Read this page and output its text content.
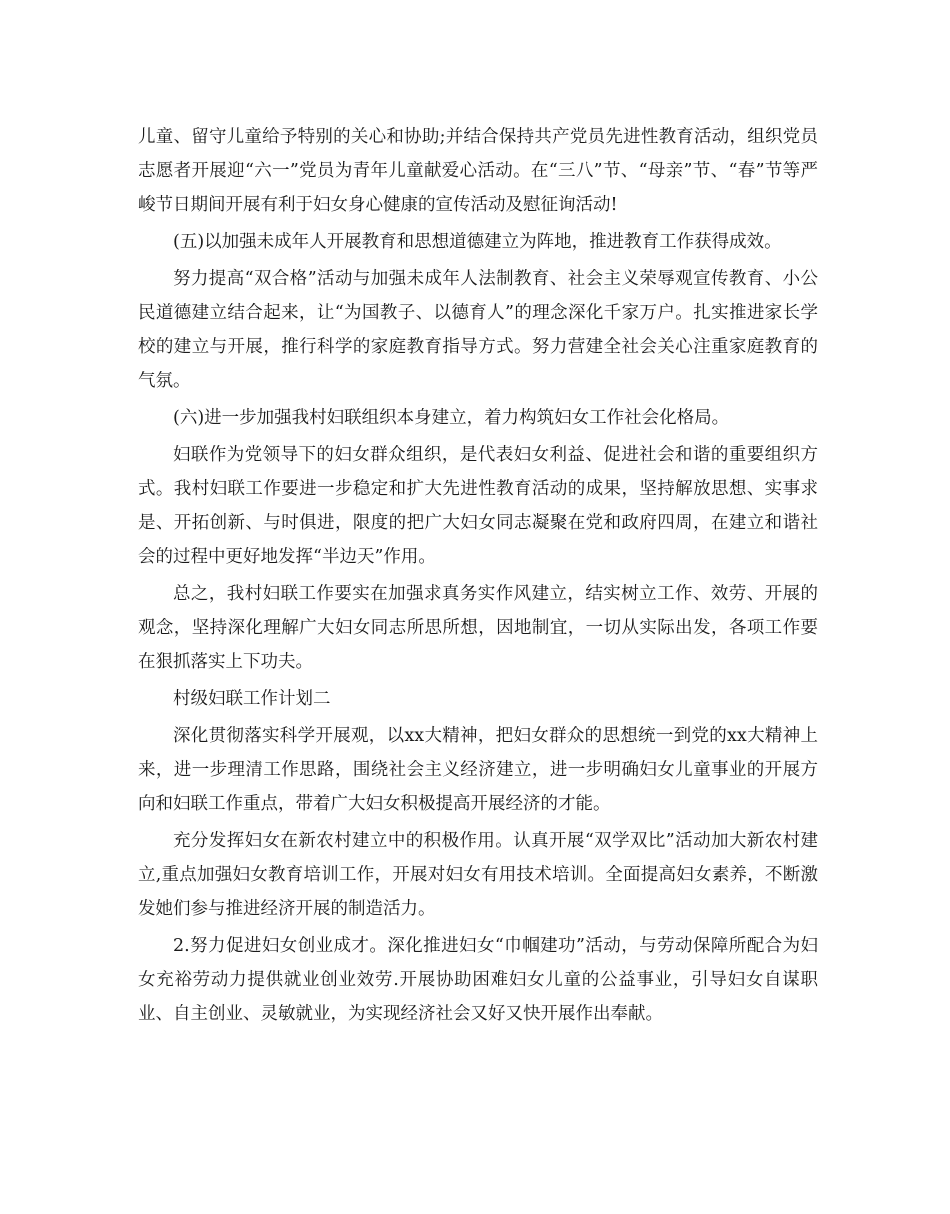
儿童、留守儿童给予特别的关心和协助;并结合保持共产党员先进性教育活动，组织党员志愿者开展迎“六一”党员为青年儿童献爱心活动。在“三八”节、“母亲”节、“春”节等严峻节日期间开展有利于妇女身心健康的宣传活动及慰征询活动!

(五)以加强未成年人开展教育和思想道德建立为阵地，推进教育工作获得成效。

努力提高“双合格”活动与加强未成年人法制教育、社会主义荣辱观宣传教育、小公民道德建立结合起来，让“为国教子、以德育人”的理念深化千家万户。扎实推进家长学校的建立与开展，推行科学的家庭教育指导方式。努力营建全社会关心注重家庭教育的气氛。

(六)进一步加强我村妇联组织本身建立，着力构筑妇女工作社会化格局。

妇联作为党领导下的妇女群众组织，是代表妇女利益、促进社会和谐的重要组织方式。我村妇联工作要进一步稳定和扩大先进性教育活动的成果，坚持解放思想、实事求是、开拓创新、与时俱进，限度的把广大妇女同志凝聚在党和政府四周，在建立和谐社会的过程中更好地发挥“半边天”作用。

总之，我村妇联工作要实在加强求真务实作风建立，结实树立工作、效劳、开展的观念，坚持深化理解广大妇女同志所思所想，因地制宜，一切从实际出发，各项工作要在狠抓落实上下功夫。

村级妇联工作计划二

深化贯彻落实科学开展观，以xx大精神，把妇女群众的思想统一到党的xx大精神上来，进一步理清工作思路，围绕社会主义经济建立，进一步明确妇女儿童事业的开展方向和妇联工作重点，带着广大妇女积极提高开展经济的才能。

充分发挥妇女在新农村建立中的积极作用。认真开展“双学双比”活动加大新农村建立,重点加强妇女教育培训工作，开展对妇女有用技术培训。全面提高妇女素养，不断激发她们参与推进经济开展的制造活力。

2.努力促进妇女创业成才。深化推进妇女“巾帼建功”活动，与劳动保障所配合为妇女充裕劳动力提供就业创业效劳.开展协助困难妇女儿童的公益事业，引导妇女自谋职业、自主创业、灵敏就业，为实现经济社会又好又快开展作出奉献。
